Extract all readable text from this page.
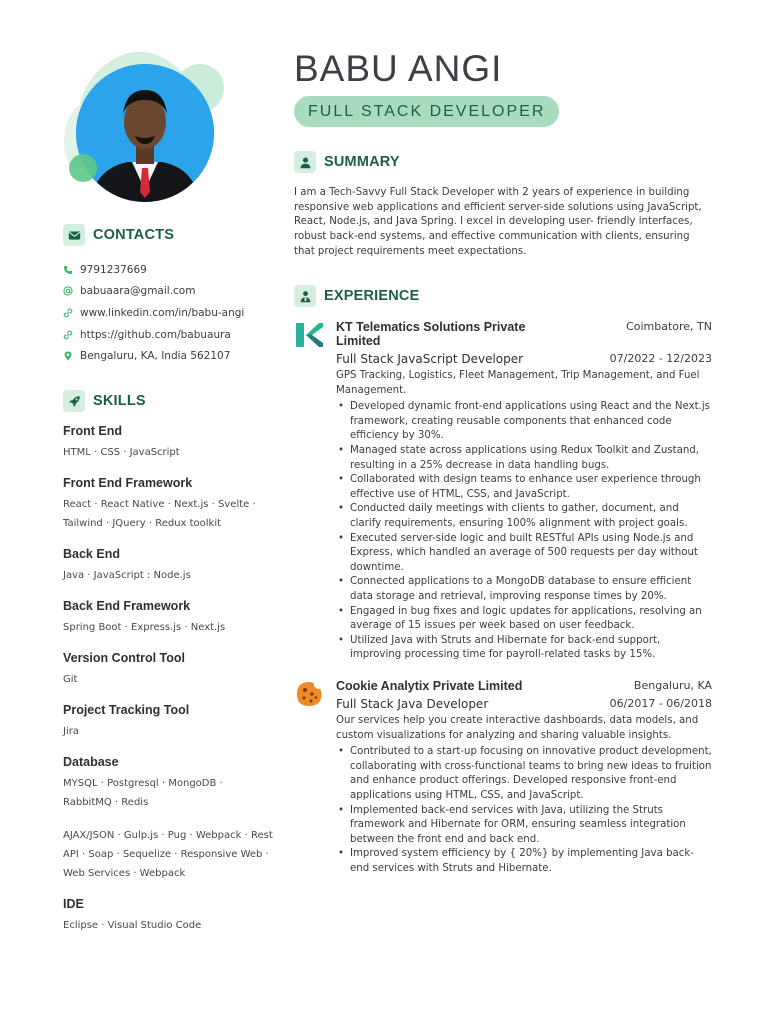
CONTACTS
9791237669
babuaara@gmail.com
www.linkedin.com/in/babu-angi
https://github.com/babuaura
Bengaluru, KA, India 562107
SKILLS
Front End
HTML · CSS · JavaScript
Front End Framework
React · React Native · Next.js · Svelte · Tailwind · JQuery · Redux toolkit
Back End
Java · JavaScript : Node.js
Back End Framework
Spring Boot · Express.js · Next.js
Version Control Tool
Git
Project Tracking Tool
Jira
Database
MYSQL · Postgresql · MongoDB · RabbitMQ · Redis
AJAX/JSON · Gulp.js · Pug · Webpack · Rest API · Soap · Sequelize · Responsive Web · Web Services · Webpack
IDE
Eclipse · Visual Studio Code
BABU ANGI
FULL STACK DEVELOPER
SUMMARY
I am a Tech-Savvy Full Stack Developer with 2 years of experience in building responsive web applications and efficient server-side solutions using JavaScript, React, Node.js, and Java Spring. I excel in developing user- friendly interfaces, robust back-end systems, and effective communication with clients, ensuring that project requirements meet expectations.
EXPERIENCE
KT Telematics Solutions Private Limited
Coimbatore, TN
Full Stack JavaScript Developer	07/2022 - 12/2023
GPS Tracking, Logistics, Fleet Management, Trip Management, and Fuel Management.
• Developed dynamic front-end applications using React and the Next.js framework, creating reusable components that enhanced code efficiency by 30%.
• Managed state across applications using Redux Toolkit and Zustand, resulting in a 25% decrease in data handling bugs.
• Collaborated with design teams to enhance user experience through effective use of HTML, CSS, and JavaScript.
• Conducted daily meetings with clients to gather, document, and clarify requirements, ensuring 100% alignment with project goals.
• Executed server-side logic and built RESTful APIs using Node.js and Express, which handled an average of 500 requests per day without downtime.
• Connected applications to a MongoDB database to ensure efficient data storage and retrieval, improving response times by 20%.
• Engaged in bug fixes and logic updates for applications, resolving an average of 15 issues per week based on user feedback.
• Utilized Java with Struts and Hibernate for back-end support, improving processing time for payroll-related tasks by 15%.
Cookie Analytix Private Limited	Bengaluru, KA
Full Stack Java Developer	06/2017 - 06/2018
Our services help you create interactive dashboards, data models, and custom visualizations for analyzing and sharing valuable insights.
• Contributed to a start-up focusing on innovative product development, collaborating with cross-functional teams to bring new ideas to fruition and enhance product offerings. Developed responsive front-end applications using HTML, CSS, and JavaScript.
• Implemented back-end services with Java, utilizing the Struts framework and Hibernate for ORM, ensuring seamless integration between the front end and back end.
• Improved system efficiency by { 20%} by implementing Java back-end services with Struts and Hibernate.
